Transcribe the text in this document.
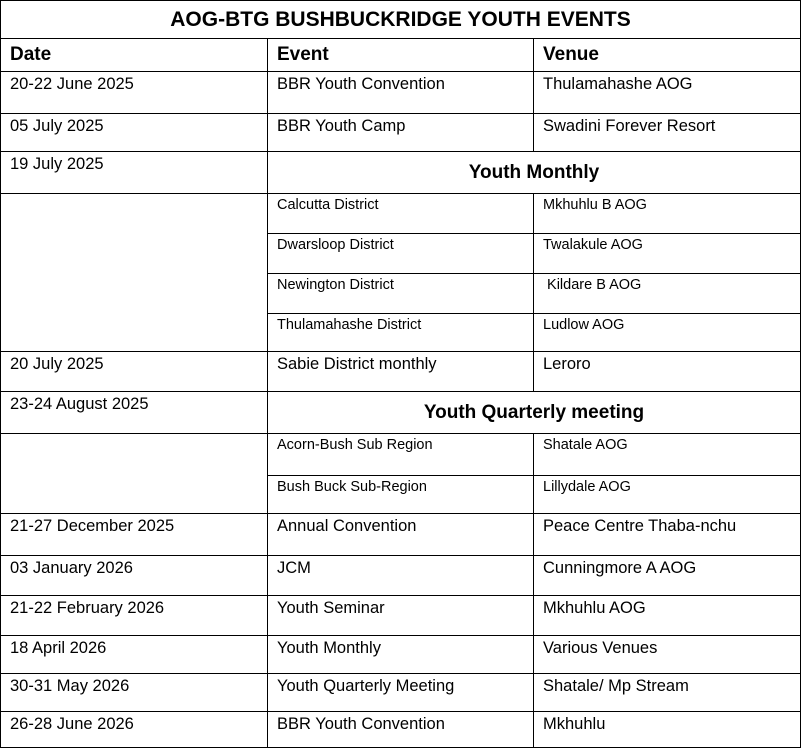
AOG-BTG BUSHBUCKRIDGE YOUTH EVENTS		
Date	Event	Venue
20-22 June 2025	BBR Youth Convention	Thulamahashe AOG
05 July 2025	BBR Youth Camp	Swadini Forever Resort
19 July 2025	Youth Monthly	
	Calcutta District	Mkhuhlu B AOG
	Dwarsloop District	Twalakule AOG
	Newington District	Kildare B AOG
	Thulamahashe District	Ludlow AOG
20 July 2025	Sabie District monthly	Leroro
23-24 August 2025	Youth Quarterly meeting	
	Acorn-Bush Sub Region	Shatale AOG
	Bush Buck Sub-Region	Lillydale AOG
21-27 December 2025	Annual Convention	Peace Centre Thaba-nchu
03 January 2026	JCM	Cunningmore A AOG
21-22 February 2026	Youth Seminar	Mkhuhlu AOG
18 April 2026	Youth Monthly	Various Venues
30-31 May 2026	Youth Quarterly Meeting	Shatale/ Mp Stream
26-28 June 2026	BBR Youth Convention	Mkhuhlu
